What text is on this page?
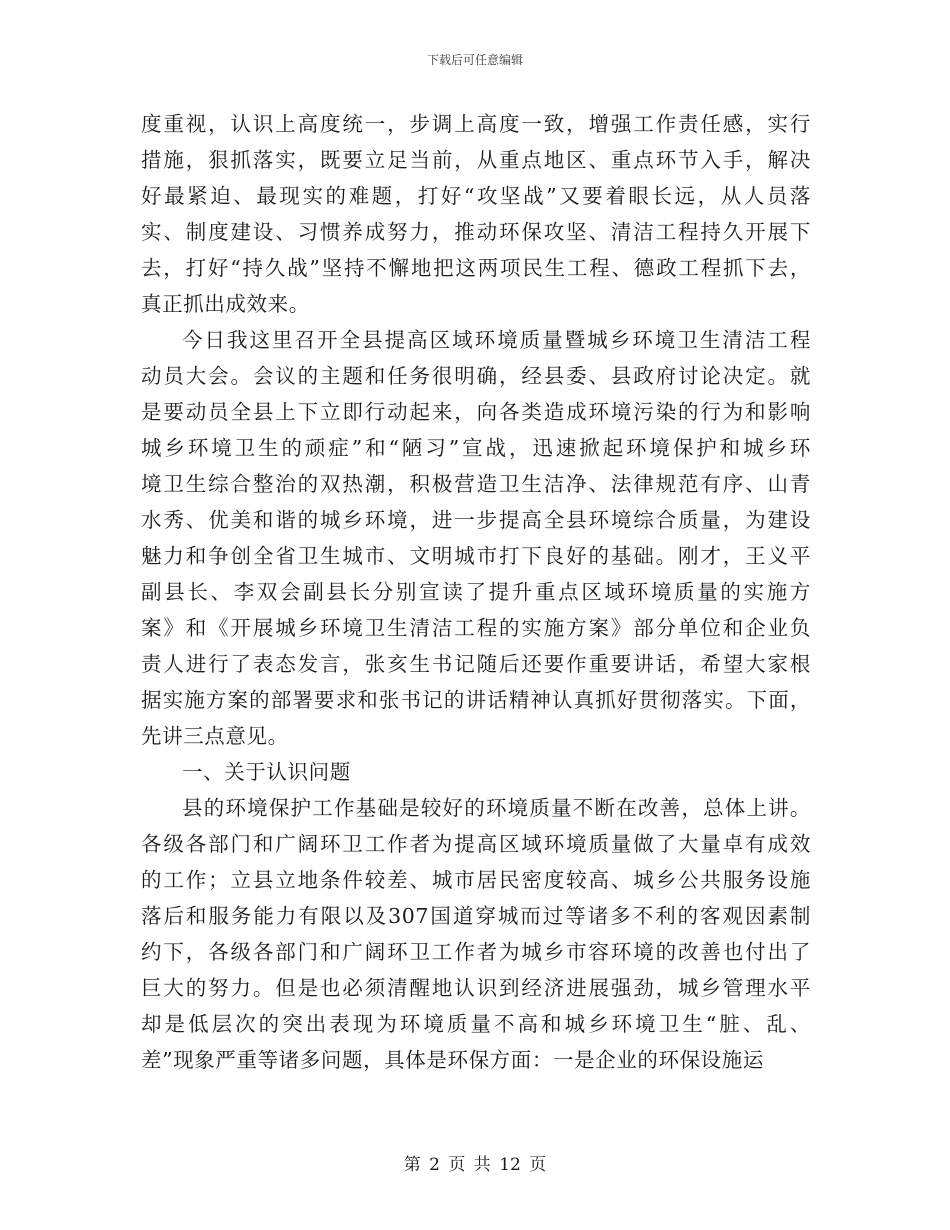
下载后可任意编辑
度重视，认识上高度统一，步调上高度一致，增强工作责任感，实行
措施，狠抓落实，既要立足当前，从重点地区、重点环节入手，解决
好最紧迫、最现实的难题，打好“攻坚战”又要着眼长远，从人员落
实、制度建设、习惯养成努力，推动环保攻坚、清洁工程持久开展下
去，打好“持久战”坚持不懈地把这两项民生工程、德政工程抓下去，
真正抓出成效来。
今日我这里召开全县提高区域环境质量暨城乡环境卫生清洁工程
动员大会。会议的主题和任务很明确，经县委、县政府讨论决定。就
是要动员全县上下立即行动起来，向各类造成环境污染的行为和影响
城乡环境卫生的顽症”和“陋习”宣战，迅速掀起环境保护和城乡环
境卫生综合整治的双热潮，积极营造卫生洁净、法律规范有序、山青
水秀、优美和谐的城乡环境，进一步提高全县环境综合质量，为建设
魅力和争创全省卫生城市、文明城市打下良好的基础。刚才，王义平
副县长、李双会副县长分别宣读了提升重点区域环境质量的实施方
案》和《开展城乡环境卫生清洁工程的实施方案》部分单位和企业负
责人进行了表态发言，张亥生书记随后还要作重要讲话，希望大家根
据实施方案的部署要求和张书记的讲话精神认真抓好贯彻落实。下面，
先讲三点意见。
一、关于认识问题
县的环境保护工作基础是较好的环境质量不断在改善，总体上讲。
各级各部门和广阔环卫工作者为提高区域环境质量做了大量卓有成效
的工作；立县立地条件较差、城市居民密度较高、城乡公共服务设施
落后和服务能力有限以及307国道穿城而过等诸多不利的客观因素制
约下，各级各部门和广阔环卫工作者为城乡市容环境的改善也付出了
巨大的努力。但是也必须清醒地认识到经济进展强劲，城乡管理水平
却是低层次的突出表现为环境质量不高和城乡环境卫生“脏、乱、
差”现象严重等诸多问题，具体是环保方面：一是企业的环保设施运
第 2 页 共 12 页
